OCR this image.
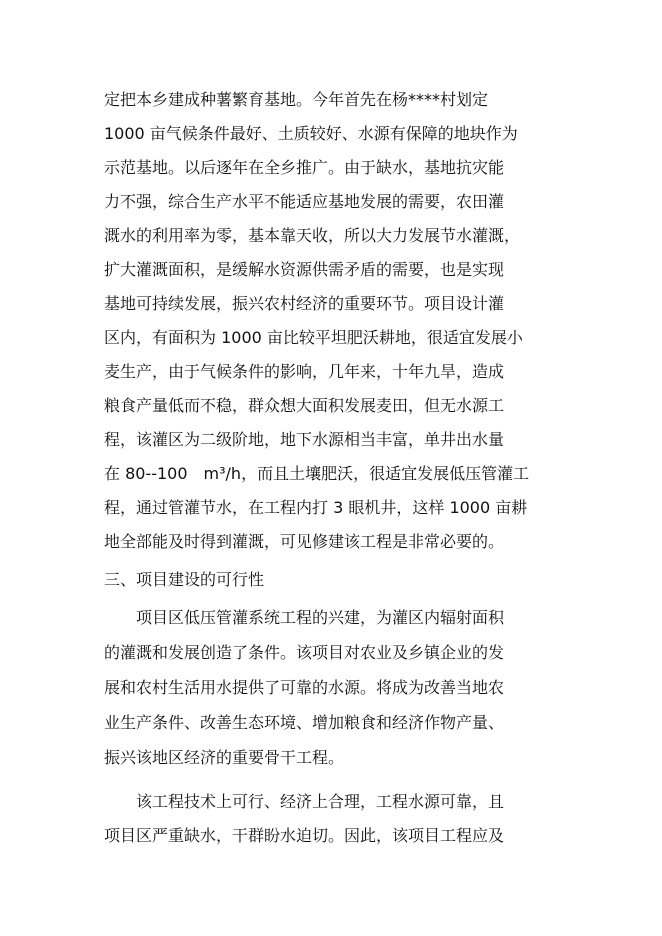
定把本乡建成种薯繁育基地。今年首先在杨****村划定

1000 亩气候条件最好、土质较好、水源有保障的地块作为

示范基地。以后逐年在全乡推广。由于缺水，基地抗灾能

力不强，综合生产水平不能适应基地发展的需要，农田灌

溉水的利用率为零，基本靠天收，所以大力发展节水灌溉，

扩大灌溉面积，是缓解水资源供需矛盾的需要，也是实现

基地可持续发展，振兴农村经济的重要环节。项目设计灌

区内，有面积为 1000 亩比较平坦肥沃耕地，很适宜发展小

麦生产，由于气候条件的影响，几年来，十年九旱，造成

粮食产量低而不稳，群众想大面积发展麦田，但无水源工

程，该灌区为二级阶地，地下水源相当丰富，单井出水量

在 80--100　m³/h，而且土壤肥沃，很适宜发展低压管灌工

程，通过管灌节水，在工程内打 3 眼机井，这样 1000 亩耕

地全部能及时得到灌溉，可见修建该工程是非常必要的。

三、项目建设的可行性

项目区低压管灌系统工程的兴建，为灌区内辐射面积

的灌溉和发展创造了条件。该项目对农业及乡镇企业的发

展和农村生活用水提供了可靠的水源。将成为改善当地农

业生产条件、改善生态环境、增加粮食和经济作物产量、

振兴该地区经济的重要骨干工程。

该工程技术上可行、经济上合理，工程水源可靠，且

项目区严重缺水，干群盼水迫切。因此，该项目工程应及
